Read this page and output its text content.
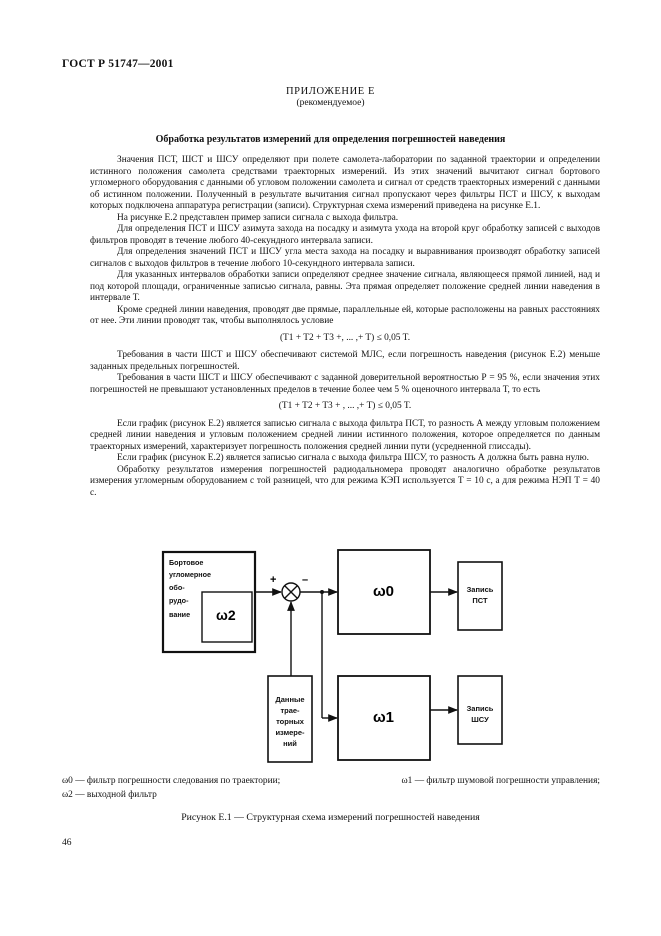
ГОСТ Р 51747—2001
ПРИЛОЖЕНИЕ Е
(рекомендуемое)
Обработка результатов измерений для определения погрешностей наведения

Значения ПСТ, ШСТ и ШСУ определяют при полете самолета-лаборатории по заданной траектории и определении истинного положения самолета средствами траекторных измерений. Из этих значений вычитают сигнал бортового угломерного оборудования с данными об угловом положении самолета и сигнал от средств траекторных измерений с данными об истинном положении. Полученный в результате вычитания сигнал пропускают через фильтры ПСТ и ШСУ, к выходам которых подключена аппаратура регистрации (записи). Структурная схема измерений приведена на рисунке Е.1.

На рисунке Е.2 представлен пример записи сигнала с выхода фильтра.

Для определения ПСТ и ШСУ азимута захода на посадку и азимута ухода на второй круг обработку записей с выходов фильтров проводят в течение любого 40-секундного интервала записи.

Для определения значений ПСТ и ШСУ угла места захода на посадку и выравнивания производят обработку записей сигналов с выходов фильтров в течение любого 10-секундного интервала записи.

Для указанных интервалов обработки записи определяют среднее значение сигнала, являющееся прямой линией, над и под которой площади, ограниченные записью сигнала, равны. Эта прямая определяет положение средней линии наведения в интервале Т.

Кроме средней линии наведения, проводят две прямые, параллельные ей, которые расположены на равных расстояниях от нее. Эти линии проводят так, чтобы выполнялось условие

(T1 + T2 + T3 +, ... ,+ T) ≤ 0,05 T.

Требования в части ШСТ и ШСУ обеспечивают системой МЛС, если погрешность наведения (рисунок Е.2) меньше заданных предельных погрешностей.

Требования в части ШСТ и ШСУ обеспечивают с заданной доверительной вероятностью Р = 95 %, если значения этих погрешностей не превышают установленных пределов в течение более чем 5 % оценочного интервала Т, то есть

(T1 + T2 + T3 + , ... ,+ T) ≤ 0,05 T.

Если график (рисунок Е.2) является записью сигнала с выхода фильтра ПСТ, то разность А между угловым положением средней линии наведения и угловым положением средней линии истинного положения, которое определяется по данным траекторных измерений, характеризует погрешность положения средней линии пути (усредненной глиссады).

Если график (рисунок Е.2) является записью сигнала с выхода фильтра ШСУ, то разность А должна быть равна нулю.

Обработку результатов измерения погрешностей радиодальномера проводят аналогично обработке результатов измерения угломерным оборудованием с той разницей, что для режима КЭП используется Т = 10 с, а для режима НЭП Т = 40 с.

Бортовое
угломерное
обо-
рудо-
вание ω2
+ –
ω0
ω1
Запись
ПСТ
Запись
ШСУ
Данные
трае-
торных
измере-
ний
ω0 — фильтр погрешности следования по траектории;	ω1 — фильтр шумовой погрешности управления;
ω2 — выходной фильтр
Рисунок Е.1 — Структурная схема измерений погрешностей наведения
46
